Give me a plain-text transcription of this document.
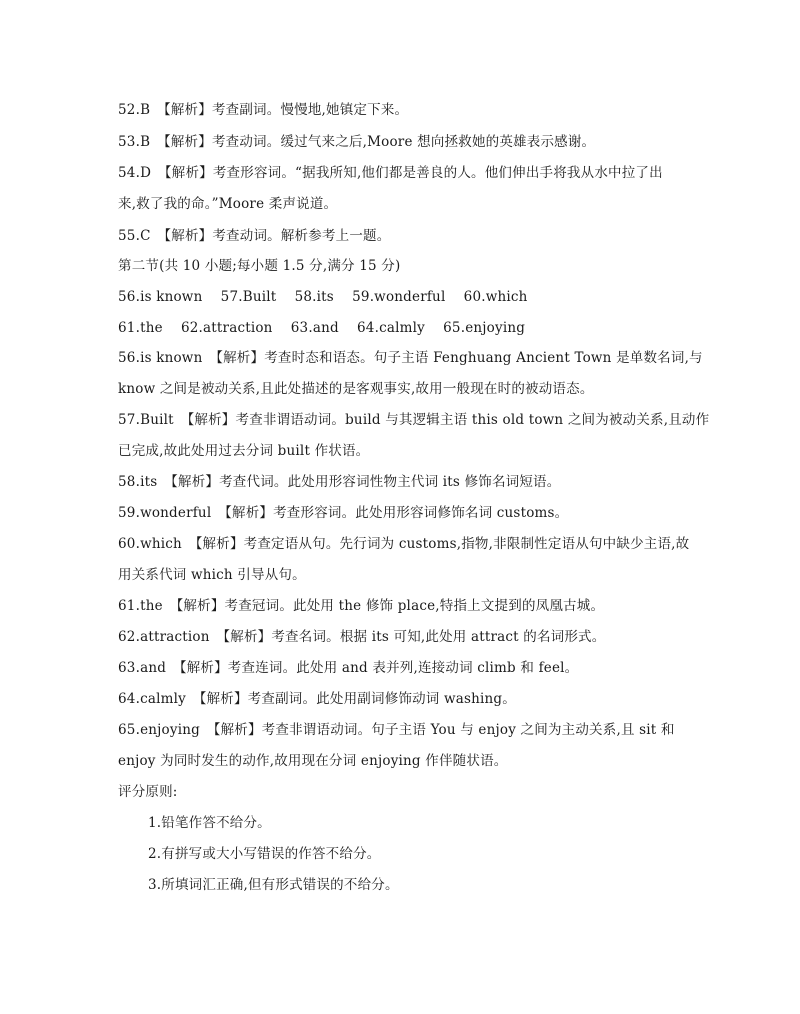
52.B　【解析】考查副词。慢慢地,她镇定下来。
53.B　【解析】考查动词。缓过气来之后,Moore 想向拯救她的英雄表示感谢。
54.D　【解析】考查形容词。“据我所知,他们都是善良的人。他们伸出手将我从水中拉了出
来,救了我的命。”Moore 柔声说道。
55.C　【解析】考查动词。解析参考上一题。
第二节(共 10 小题;每小题 1.5 分,满分 15 分)
56.is known　 57.Built　 58.its　 59.wonderful　 60.which
61.the　 62.attraction　 63.and　 64.calmly　 65.enjoying
56.is known　【解析】考查时态和语态。句子主语 Fenghuang Ancient Town 是单数名词,与
know 之间是被动关系,且此处描述的是客观事实,故用一般现在时的被动语态。
57.Built　【解析】考查非谓语动词。build 与其逻辑主语 this old town 之间为被动关系,且动作
已完成,故此处用过去分词 built 作状语。
58.its　【解析】考查代词。此处用形容词性物主代词 its 修饰名词短语。
59.wonderful　【解析】考查形容词。此处用形容词修饰名词 customs。
60.which　【解析】考查定语从句。先行词为 customs,指物,非限制性定语从句中缺少主语,故
用关系代词 which 引导从句。
61.the　【解析】考查冠词。此处用 the 修饰 place,特指上文提到的凤凰古城。
62.attraction　【解析】考查名词。根据 its 可知,此处用 attract 的名词形式。
63.and　【解析】考查连词。此处用 and 表并列,连接动词 climb 和 feel。
64.calmly　【解析】考查副词。此处用副词修饰动词 washing。
65.enjoying　【解析】考查非谓语动词。句子主语 You 与 enjoy 之间为主动关系,且 sit 和
enjoy 为同时发生的动作,故用现在分词 enjoying 作伴随状语。
评分原则:
1.铅笔作答不给分。
2.有拼写或大小写错误的作答不给分。
3.所填词汇正确,但有形式错误的不给分。
